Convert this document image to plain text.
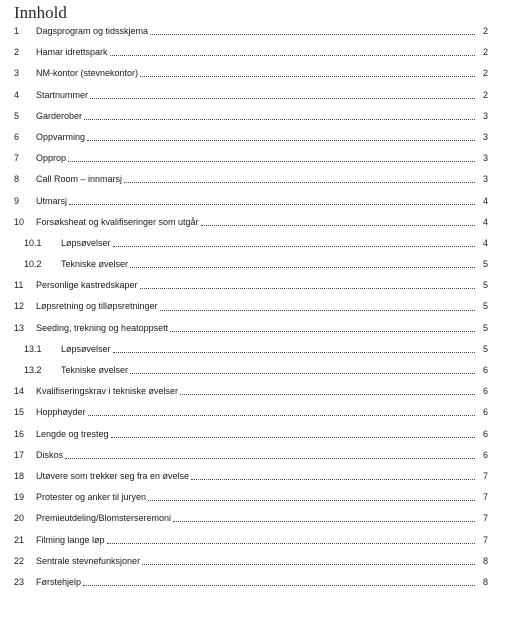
Innhold
1 Dagsprogram og tidsskjema	2
2 Hamar idrettspark	2
3 NM-kontor (stevnekontor)	2
4 Startnummer	2
5 Garderober	3
6 Oppvarming	3
7 Opprop	3
8 Call Room – innmarsj	3
9 Utmarsj	4
10 Forsøksheat og kvalifiseringer som utgår	4
10.1 Løpsøvelser	4
10.2 Tekniske øvelser	5
11 Personlige kastredskaper	5
12 Løpsretning og tilløpsretninger	5
13 Seeding, trekning og heatoppsett	5
13.1 Løpsøvelser	5
13.2 Tekniske øvelser	6
14 Kvalifiseringskrav i tekniske øvelser	6
15 Hopphøyder	6
16 Lengde og tresteg	6
17 Diskos	6
18 Utøvere som trekker seg fra en øvelse	7
19 Protester og anker til juryen	7
20 Premieutdeling/Blomsterseremoni	7
21 Filming lange løp	7
22 Sentrale stevnefunksjoner	8
23 Førstehjelp	8
